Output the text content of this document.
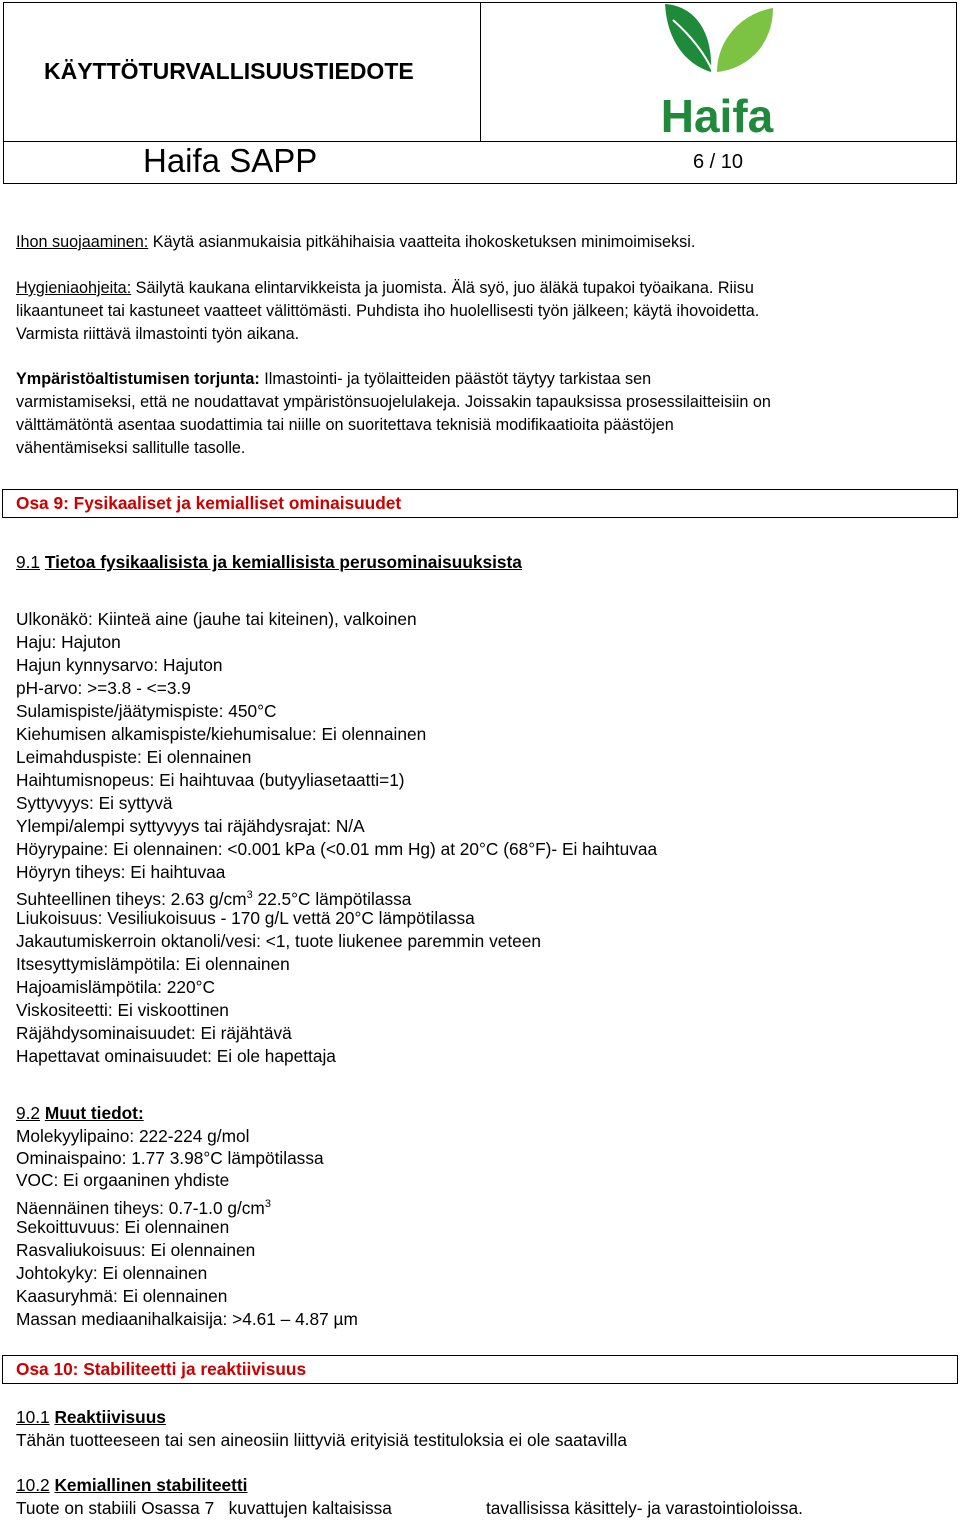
KÄYTTÖTURVALLISUUSTIEDOTE
Haifa
Haifa SAPP	6 / 10
Ihon suojaaminen: Käytä asianmukaisia pitkähihaisia vaatteita ihokosketuksen minimoimiseksi.
Hygieniaohjeita: Säilytä kaukana elintarvikkeista ja juomista. Älä syö, juo äläkä tupakoi työaikana. Riisu
likaantuneet tai kastuneet vaatteet välittömästi. Puhdista iho huolellisesti työn jälkeen; käytä ihovoidetta.
Varmista riittävä ilmastointi työn aikana.
Ympäristöaltistumisen torjunta: Ilmastointi- ja työlaitteiden päästöt täytyy tarkistaa sen
varmistamiseksi, että ne noudattavat ympäristönsuojelulakeja. Joissakin tapauksissa prosessilaitteisiin on
välttämätöntä asentaa suodattimia tai niille on suoritettava teknisiä modifikaatioita päästöjen
vähentämiseksi sallitulle tasolle.
Osa 9: Fysikaaliset ja kemialliset ominaisuudet
9.1 Tietoa fysikaalisista ja kemiallisista perusominaisuuksista
Ulkonäkö: Kiinteä aine (jauhe tai kiteinen), valkoinen
Haju: Hajuton
Hajun kynnysarvo: Hajuton
pH-arvo: >=3.8 - <=3.9
Sulamispiste/jäätymispiste: 450°C
Kiehumisen alkamispiste/kiehumisalue: Ei olennainen
Leimahduspiste: Ei olennainen
Haihtumisnopeus: Ei haihtuvaa (butyyliasetaatti=1)
Syttyvyys: Ei syttyvä
Ylempi/alempi syttyvyys tai räjähdysrajat: N/A
Höyrypaine: Ei olennainen: <0.001 kPa (<0.01 mm Hg) at 20°C (68°F)- Ei haihtuvaa
Höyryn tiheys: Ei haihtuvaa
Suhteellinen tiheys: 2.63 $g/cm^3$ 22.5°C lämpötilassa
Liukoisuus: Vesiliukoisuus - 170 g/L vettä 20°C lämpötilassa
Jakautumiskerroin oktanoli/vesi: <1, tuote liukenee paremmin veteen
Itsesyttymislämpötila: Ei olennainen
Hajoamislämpötila: 220°C
Viskositeetti: Ei viskoottinen
Räjähdysominaisuudet: Ei räjähtävä
Hapettavat ominaisuudet: Ei ole hapettaja
9.2 Muut tiedot:
Molekyylipaino: 222-224 g/mol
Ominaispaino: 1.77 3.98°C lämpötilassa
VOC: Ei orgaaninen yhdiste
Näennäinen tiheys: 0.7-1.0 $g/cm^3$
Sekoittuvuus: Ei olennainen
Rasvaliukoisuus: Ei olennainen
Johtokyky: Ei olennainen
Kaasuryhmä: Ei olennainen
Massan mediaanihalkaisija: >4.61 – 4.87 µm
Osa 10: Stabiliteetti ja reaktiivisuus
10.1 Reaktiivisuus
Tähän tuotteeseen tai sen aineosiin liittyviä erityisiä testituloksia ei ole saatavilla
10.2 Kemiallinen stabiliteetti
Tuote on stabiili Osassa 7   kuvattujen kaltaisissa	tavallisissa käsittely- ja varastointioloissa.
